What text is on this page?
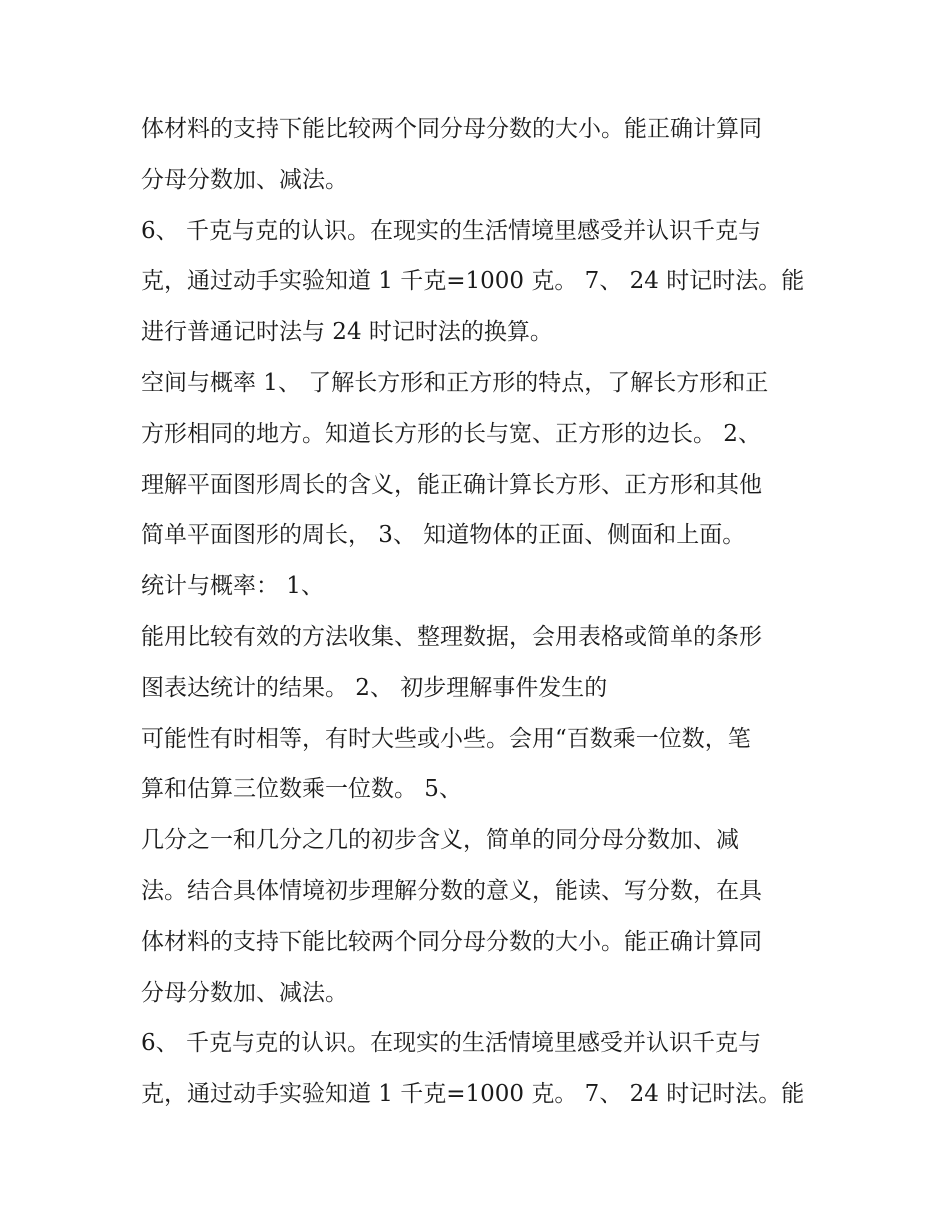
体材料的支持下能比较两个同分母分数的大小。能正确计算同

分母分数加、减法。

6、 千克与克的认识。在现实的生活情境里感受并认识千克与

克，通过动手实验知道 1 千克=1000 克。 7、 24 时记时法。能

进行普通记时法与 24 时记时法的换算。

空间与概率 1、 了解长方形和正方形的特点，了解长方形和正

方形相同的地方。知道长方形的长与宽、正方形的边长。 2、

理解平面图形周长的含义，能正确计算长方形、正方形和其他

简单平面图形的周长， 3、 知道物体的正面、侧面和上面。

统计与概率： 1、

能用比较有效的方法收集、整理数据，会用表格或简单的条形

图表达统计的结果。 2、 初步理解事件发生的

可能性有时相等，有时大些或小些。会用“百数乘一位数，笔

算和估算三位数乘一位数。 5、

几分之一和几分之几的初步含义，简单的同分母分数加、减

法。结合具体情境初步理解分数的意义，能读、写分数，在具

体材料的支持下能比较两个同分母分数的大小。能正确计算同

分母分数加、减法。

6、 千克与克的认识。在现实的生活情境里感受并认识千克与

克，通过动手实验知道 1 千克=1000 克。 7、 24 时记时法。能
